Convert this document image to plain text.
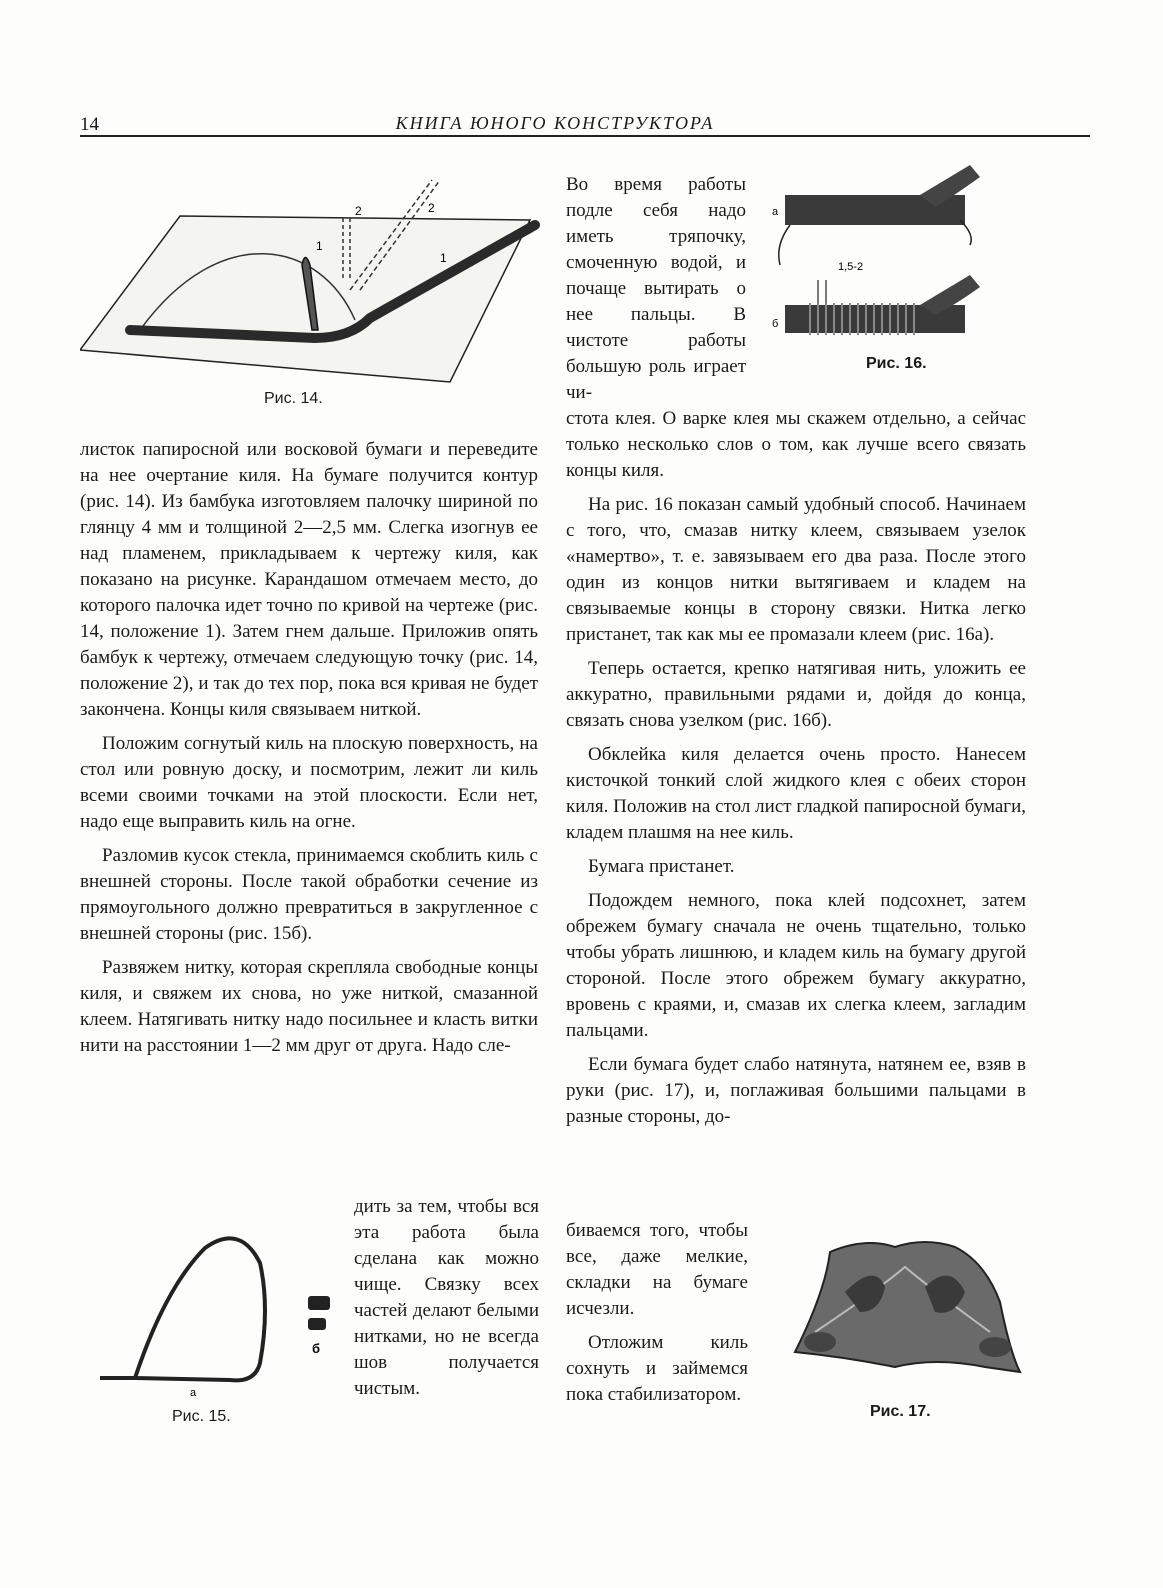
14	КНИГА ЮНОГО КОНСТРУКТОРА
1
2	2
1
Рис. 14.

листок папиросной или восковой бумаги и переведите на нее очертание киля. На бумаге получится контур (рис. 14). Из бамбука изготовляем палочку шириной по глянцу 4 мм и толщиной 2—2,5 мм. Слегка изогнув ее над пламенем, прикладываем к чертежу киля, как показано на рисунке. Карандашом отмечаем место, до которого палочка идет точно по кривой на чертеже (рис. 14, положение 1). Затем гнем дальше. Приложив опять бамбук к чертежу, отмечаем следующую точку (рис. 14, положение 2), и так до тех пор, пока вся кривая не будет закончена. Концы киля связываем ниткой.

Положим согнутый киль на плоскую поверхность, на стол или ровную доску, и посмотрим, лежит ли киль всеми своими точками на этой плоскости. Если нет, надо еще выправить киль на огне.

Разломив кусок стекла, принимаемся скоблить киль с внешней стороны. После такой обработки сечение из прямоугольного должно превратиться в закругленное с внешней стороны (рис. 15б).

Развяжем нитку, которая скрепляла свободные концы киля, и свяжем их снова, но уже ниткой, смазанной клеем. Натягивать нитку надо посильнее и класть витки нити на расстоянии 1—2 мм друг от друга. Надо сле-

а
б
Рис. 15.

дить за тем, чтобы вся эта работа была сделана как можно чище. Связку всех частей делают белыми нитками, но не всегда шов получается чистым.

Во время работы подле себя надо иметь тряпочку, смоченную водой, и почаще вытирать о нее пальцы. В чистоте работы большую роль играет чи-

а
б
1,5-2
Рис. 16.

стота клея. О варке клея мы скажем отдельно, а сейчас только несколько слов о том, как лучше всего связать концы киля.

На рис. 16 показан самый удобный способ. Начинаем с того, что, смазав нитку клеем, связываем узелок «намертво», т. е. завязываем его два раза. После этого один из концов нитки вытягиваем и кладем на связываемые концы в сторону связки. Нитка легко пристанет, так как мы ее промазали клеем (рис. 16а).

Теперь остается, крепко натягивая нить, уложить ее аккуратно, правильными рядами и, дойдя до конца, связать снова узелком (рис. 16б).

Обклейка киля делается очень просто. Нанесем кисточкой тонкий слой жидкого клея с обеих сторон киля. Положив на стол лист гладкой папиросной бумаги, кладем плашмя на нее киль.

Бумага пристанет.

Подождем немного, пока клей подсохнет, затем обрежем бумагу сначала не очень тщательно, только чтобы убрать лишнюю, и кладем киль на бумагу другой стороной. После этого обрежем бумагу аккуратно, вровень с краями, и, смазав их слегка клеем, загладим пальцами.

Если бумага будет слабо натянута, натянем ее, взяв в руки (рис. 17), и, поглаживая большими пальцами в разные стороны, до-

биваемся того, чтобы все, даже мелкие, складки на бумаге исчезли.

Отложим киль сохнуть и займемся пока стабилизатором.

Рис. 17.
